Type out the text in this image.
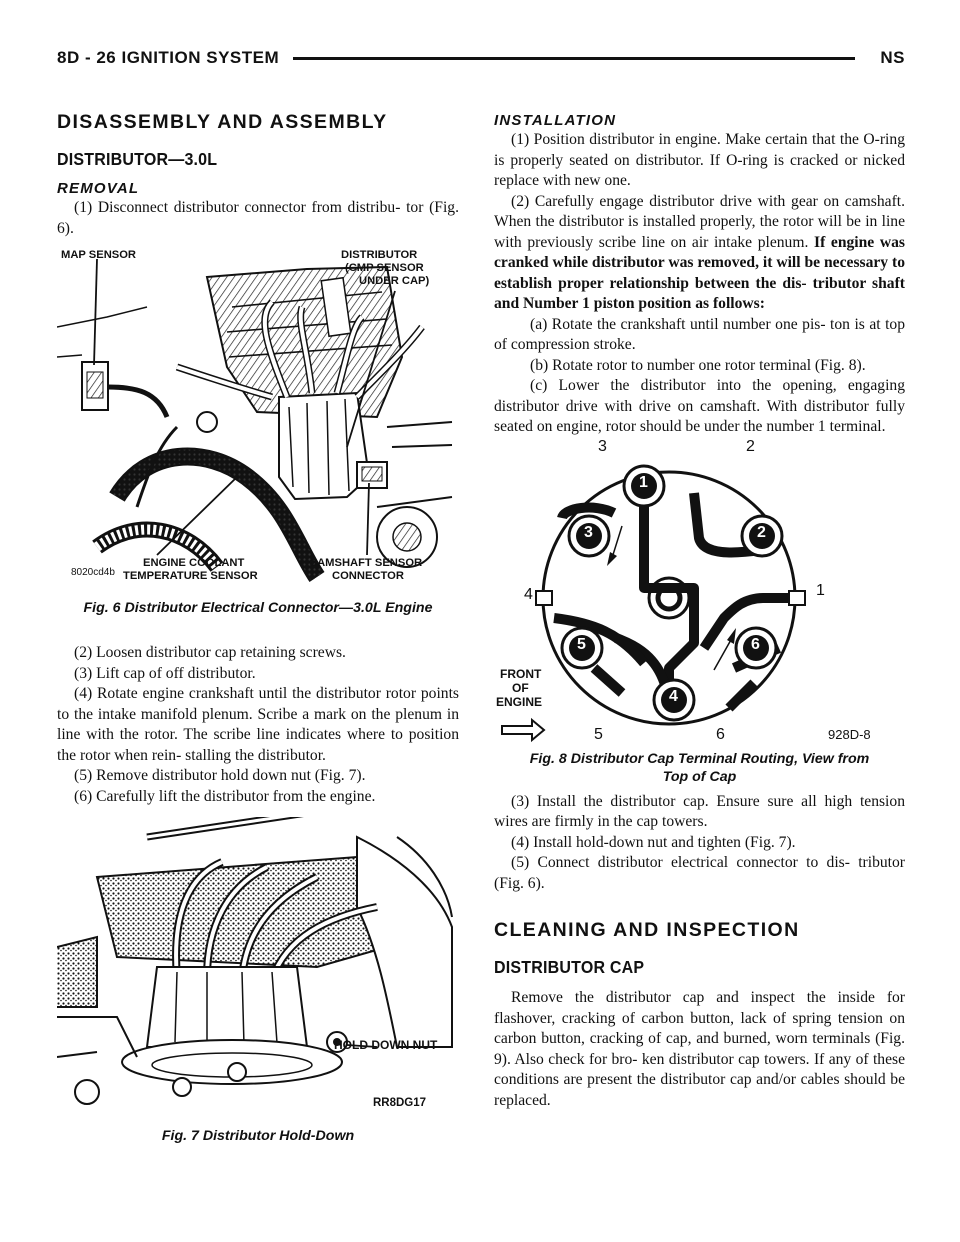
8D - 26 IGNITION SYSTEM	NS
DISASSEMBLY AND ASSEMBLY
DISTRIBUTOR—3.0L
REMOVAL

(1) Disconnect distributor connector from distribu- tor (Fig. 6).

MAP SENSOR	DISTRIBUTOR
(CMP SENSOR
UNDER CAP)
ENGINE COOLANT
TEMPERATURE SENSOR
CAMSHAFT SENSOR
CONNECTOR
8020cd4b
Fig. 6 Distributor Electrical Connector—3.0L Engine

(2) Loosen distributor cap retaining screws.

(3) Lift cap of off distributor.

(4) Rotate engine crankshaft until the distributor rotor points to the intake manifold plenum. Scribe a mark on the plenum in line with the rotor. The scribe line indicates where to position the rotor when rein- stalling the distributor.

(5) Remove distributor hold down nut (Fig. 7).

(6) Carefully lift the distributor from the engine.

HOLD DOWN NUT
RR8DG17
Fig. 7 Distributor Hold-Down
INSTALLATION

(1) Position distributor in engine. Make certain that the O-ring is properly seated on distributor. If O-ring is cracked or nicked replace with new one.

(2) Carefully engage distributor drive with gear on camshaft. When the distributor is installed properly, the rotor will be in line with previously scribe line on air intake plenum. If engine was cranked while distributor was removed, it will be necessary to establish proper relationship between the dis- tributor shaft and Number 1 piston position as follows:

(a) Rotate the crankshaft until number one pis- ton is at top of compression stroke.

(b) Rotate rotor to number one rotor terminal (Fig. 8).

(c) Lower the distributor into the opening, engaging distributor drive with drive on camshaft. With distributor fully seated on engine, rotor should be under the number 1 terminal.

1
3	2
5	6
4
3	2
4	1
5	6
FRONT
OF
ENGINE
928D-8
Fig. 8 Distributor Cap Terminal Routing, View from
Top of Cap

(3) Install the distributor cap. Ensure sure all high tension wires are firmly in the cap towers.

(4) Install hold-down nut and tighten (Fig. 7).

(5) Connect distributor electrical connector to dis- tributor (Fig. 6).

CLEANING AND INSPECTION
DISTRIBUTOR CAP

Remove the distributor cap and inspect the inside for flashover, cracking of carbon button, lack of spring tension on carbon button, cracking of cap, and burned, worn terminals (Fig. 9). Also check for bro- ken distributor cap towers. If any of these conditions are present the distributor cap and/or cables should be replaced.
